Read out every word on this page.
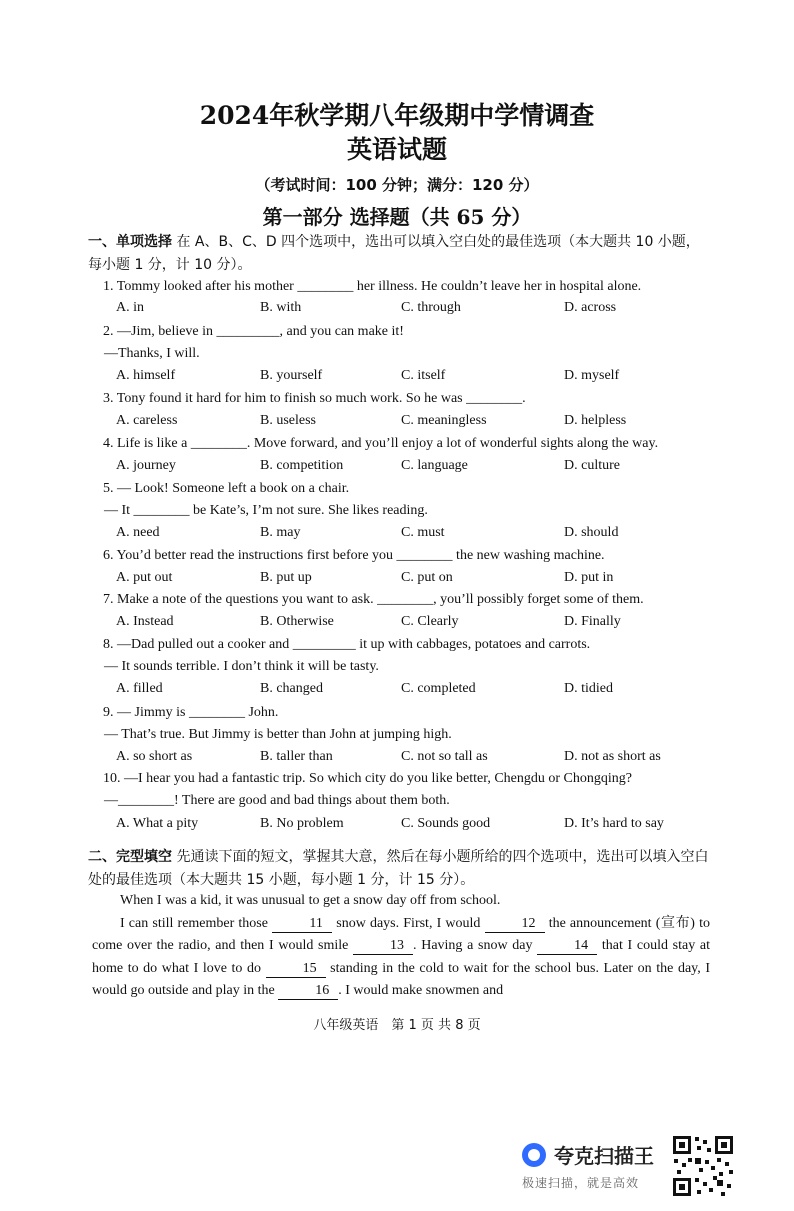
2024年秋学期八年级期中学情调查
英语试题
（考试时间：100 分钟；满分：120 分）
第一部分 选择题（共 65 分）
一、单项选择 在 A、B、C、D 四个选项中，选出可以填入空白处的最佳选项（本大题共 10 小题，每小题 1 分，计 10 分）。
1. Tommy looked after his mother ________ her illness. He couldn’t leave her in hospital alone.
A. in	B. with	C. through	D. across
2. —Jim, believe in _________, and you can make it!
—Thanks, I will.
A. himself	B. yourself	C. itself	D. myself
3. Tony found it hard for him to finish so much work. So he was ________.
A. careless	B. useless	C. meaningless	D. helpless
4. Life is like a ________. Move forward, and you’ll enjoy a lot of wonderful sights along the way.
A. journey	B. competition	C. language	D. culture
5. — Look! Someone left a book on a chair.
— It ________ be Kate’s, I’m not sure. She likes reading.
A. need	B. may	C. must	D. should
6. You’d better read the instructions first before you ________ the new washing machine.
A. put out	B. put up	C. put on	D. put in
7. Make a note of the questions you want to ask. ________, you’ll possibly forget some of them.
A. Instead	B. Otherwise	C. Clearly	D. Finally
8. —Dad pulled out a cooker and _________ it up with cabbages, potatoes and carrots.
— It sounds terrible. I don’t think it will be tasty.
A. filled	B. changed	C. completed	D. tidied
9. — Jimmy is ________ John.
— That’s true. But Jimmy is better than John at jumping high.
A. so short as	B. taller than	C. not so tall as	D. not as short as
10. —I hear you had a fantastic trip. So which city do you like better, Chengdu or Chongqing?
—________! There are good and bad things about them both.
A. What a pity	B. No problem	C. Sounds good	D. It’s hard to say
二、完型填空 先通读下面的短文，掌握其大意，然后在每小题所给的四个选项中，选出可以填入空白处的最佳选项（本大题共 15 小题，每小题 1 分，计 15 分）。
When I was a kid, it was unusual to get a snow day off from school.
I can still remember those	11 snow days. First, I would	12 the announcement (宣布) to come over the radio, and then I would smile	13 . Having a snow day	14 that I could stay at home to do what I love to do	15 standing in the cold to wait for the school bus. Later on the day, I would go outside and play in the	16 . I would make snowmen and
八年级英语　第 1 页 共 8 页
夸克扫描王
极速扫描，就是高效
